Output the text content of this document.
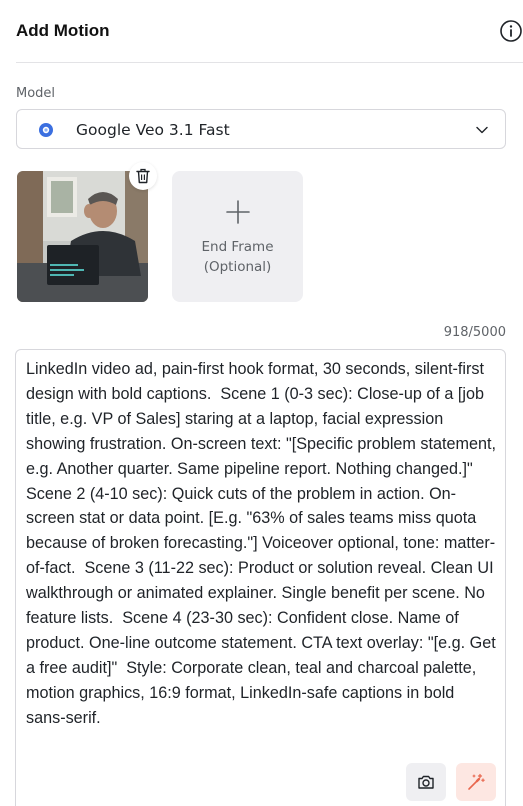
Add Motion
Model
Google Veo 3.1 Fast
End Frame
(Optional)
918/5000
LinkedIn video ad, pain-first hook format, 30 seconds, silent-first design with bold captions.  Scene 1 (0-3 sec): Close-up of a [job title, e.g. VP of Sales] staring at a laptop, facial expression showing frustration. On-screen text: "[Specific problem statement, e.g. Another quarter. Same pipeline report. Nothing changed.]"  Scene 2 (4-10 sec): Quick cuts of the problem in action. On-screen stat or data point. [E.g. "63% of sales teams miss quota because of broken forecasting."] Voiceover optional, tone: matter-of-fact.  Scene 3 (11-22 sec): Product or solution reveal. Clean UI walkthrough or animated explainer. Single benefit per scene. No feature lists.  Scene 4 (23-30 sec): Confident close. Name of product. One-line outcome statement. CTA text overlay: "[e.g. Get a free audit]"  Style: Corporate clean, teal and charcoal palette, motion graphics, 16:9 format, LinkedIn-safe captions in bold sans-serif.
